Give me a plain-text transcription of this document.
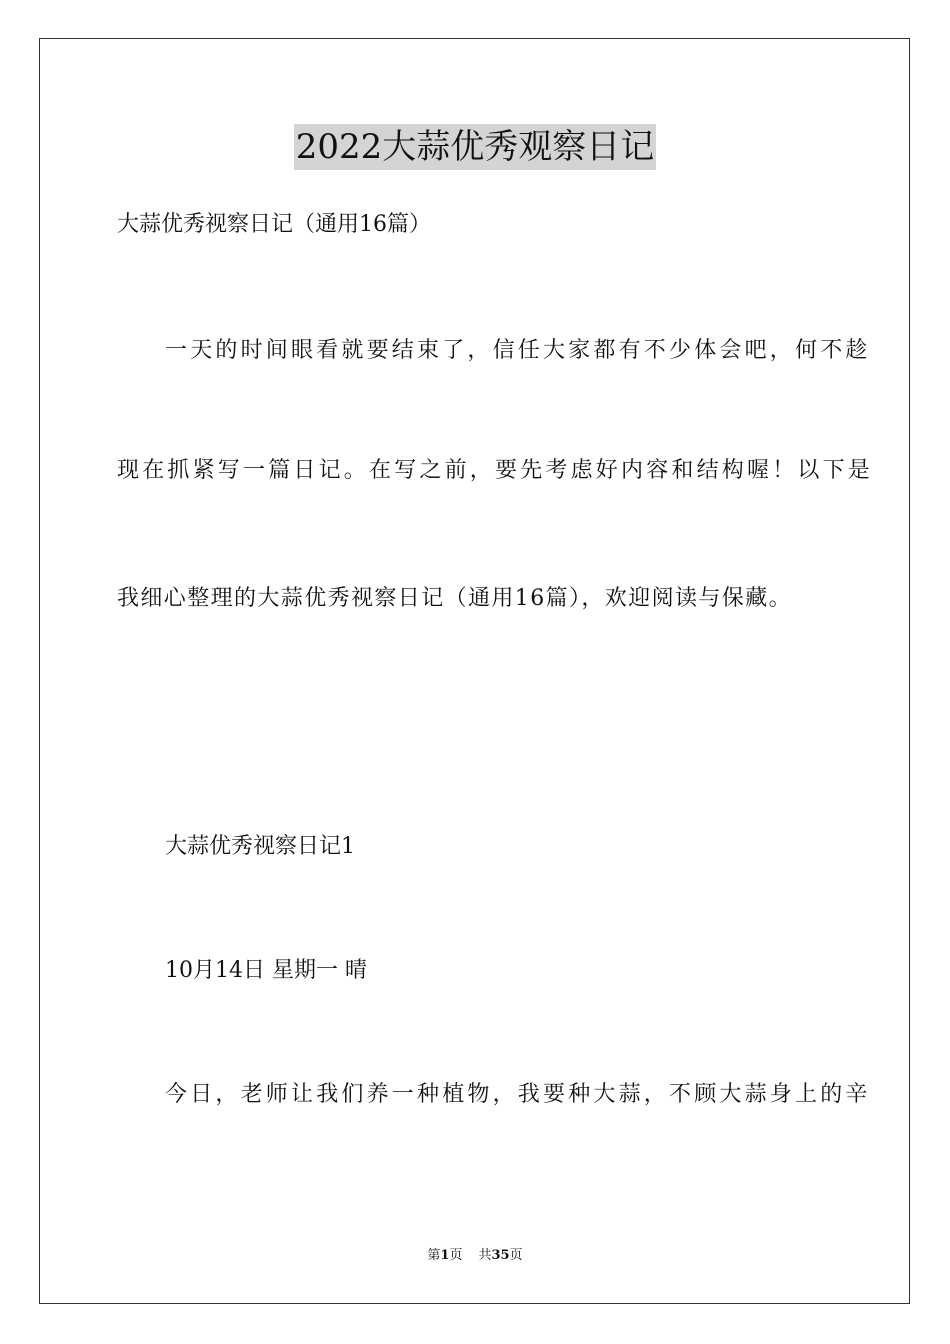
2022大蒜优秀观察日记
大蒜优秀视察日记（通用16篇）
一天的时间眼看就要结束了，信任大家都有不少体会吧，何不趁
现在抓紧写一篇日记。在写之前，要先考虑好内容和结构喔！以下是
我细心整理的大蒜优秀视察日记（通用16篇），欢迎阅读与保藏。
大蒜优秀视察日记1
10月14日 星期一 晴
今日，老师让我们养一种植物，我要种大蒜，不顾大蒜身上的辛
第1页 共35页
